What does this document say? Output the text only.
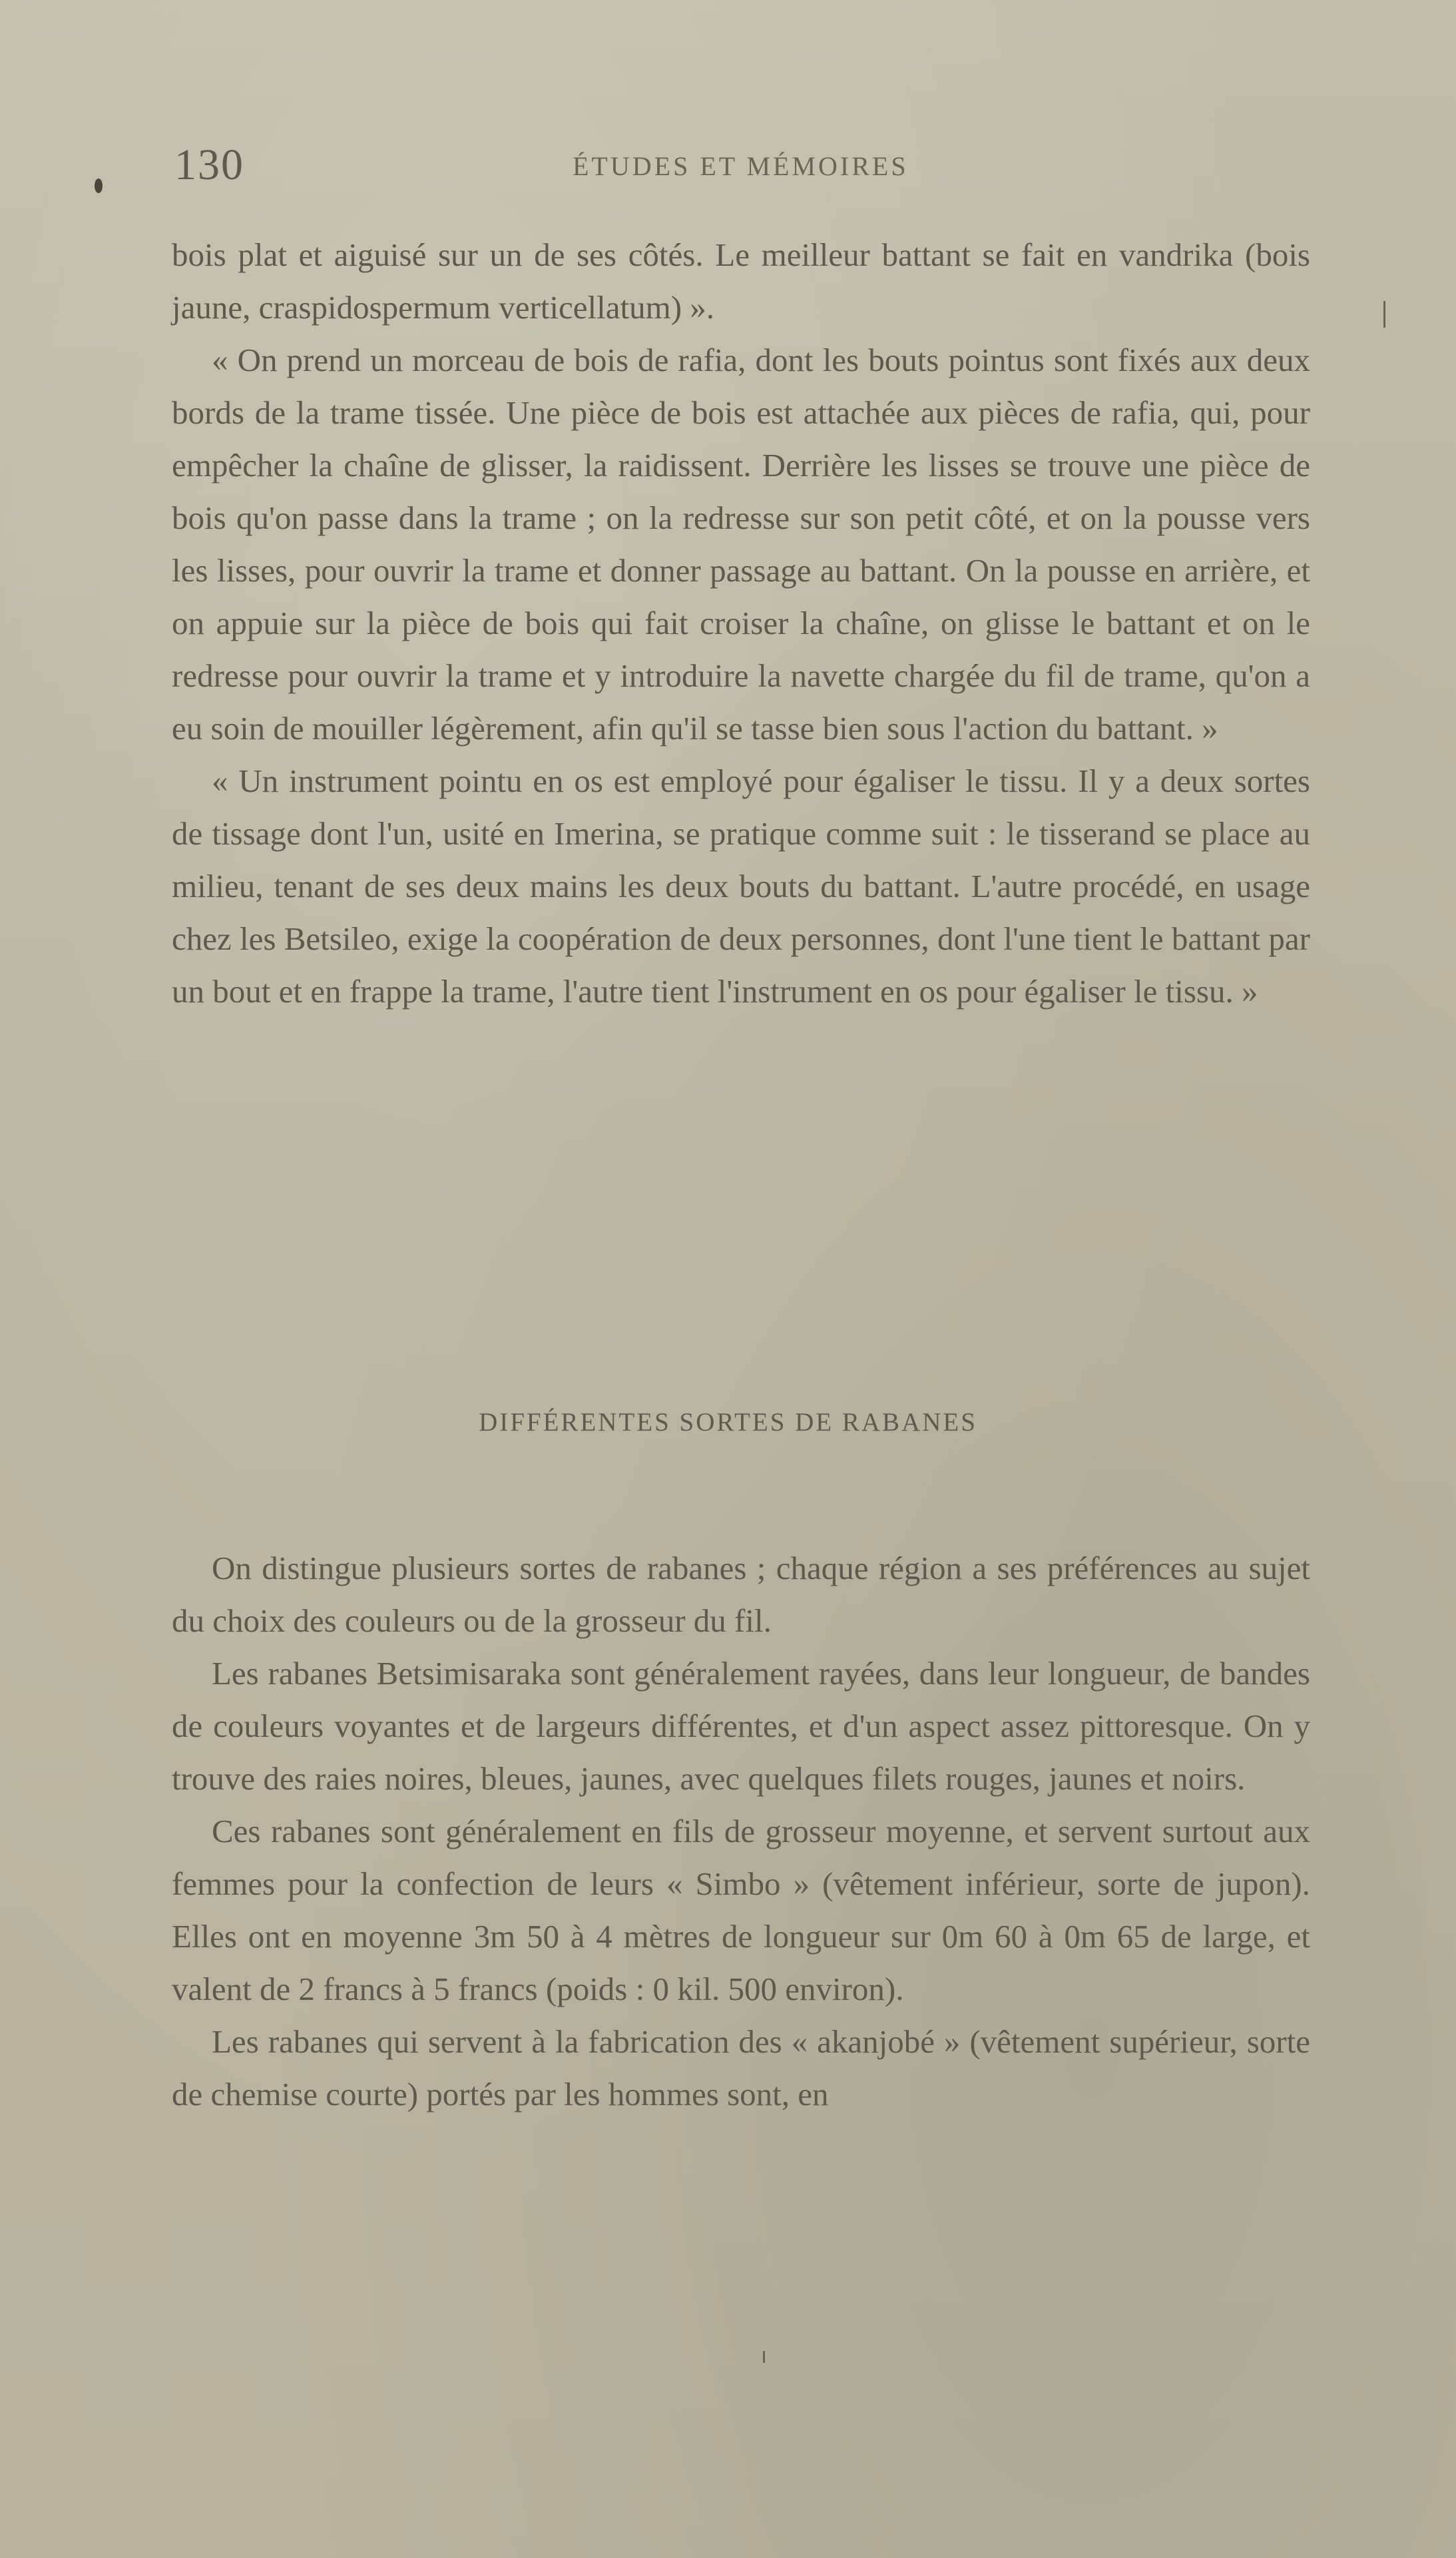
130	ÉTUDES ET MÉMOIRES

bois plat et aiguisé sur un de ses côtés. Le meilleur battant se fait en vandrika (bois jaune, craspidospermum verticellatum) ».

« On prend un morceau de bois de rafia, dont les bouts pointus sont fixés aux deux bords de la trame tissée. Une pièce de bois est attachée aux pièces de rafia, qui, pour empêcher la chaîne de glisser, la raidissent. Derrière les lisses se trouve une pièce de bois qu'on passe dans la trame ; on la redresse sur son petit côté, et on la pousse vers les lisses, pour ouvrir la trame et donner passage au battant. On la pousse en arrière, et on appuie sur la pièce de bois qui fait croiser la chaîne, on glisse le battant et on le redresse pour ouvrir la trame et y introduire la navette chargée du fil de trame, qu'on a eu soin de mouiller légèrement, afin qu'il se tasse bien sous l'action du battant. »

« Un instrument pointu en os est employé pour égaliser le tissu. Il y a deux sortes de tissage dont l'un, usité en Imerina, se pratique comme suit : le tisserand se place au milieu, tenant de ses deux mains les deux bouts du battant. L'autre procédé, en usage chez les Betsileo, exige la coopération de deux personnes, dont l'une tient le battant par un bout et en frappe la trame, l'autre tient l'instrument en os pour égaliser le tissu. »

DIFFÉRENTES SORTES DE RABANES

On distingue plusieurs sortes de rabanes ; chaque région a ses préférences au sujet du choix des couleurs ou de la grosseur du fil.

Les rabanes Betsimisaraka sont généralement rayées, dans leur longueur, de bandes de couleurs voyantes et de largeurs différentes, et d'un aspect assez pittoresque. On y trouve des raies noires, bleues, jaunes, avec quelques filets rouges, jaunes et noirs.

Ces rabanes sont généralement en fils de grosseur moyenne, et servent surtout aux femmes pour la confection de leurs « Simbo » (vêtement inférieur, sorte de jupon). Elles ont en moyenne 3m 50 à 4 mètres de longueur sur 0m 60 à 0m 65 de large, et valent de 2 francs à 5 francs (poids : 0 kil. 500 environ).

Les rabanes qui servent à la fabrication des « akanjobé » (vêtement supérieur, sorte de chemise courte) portés par les hommes sont, en
